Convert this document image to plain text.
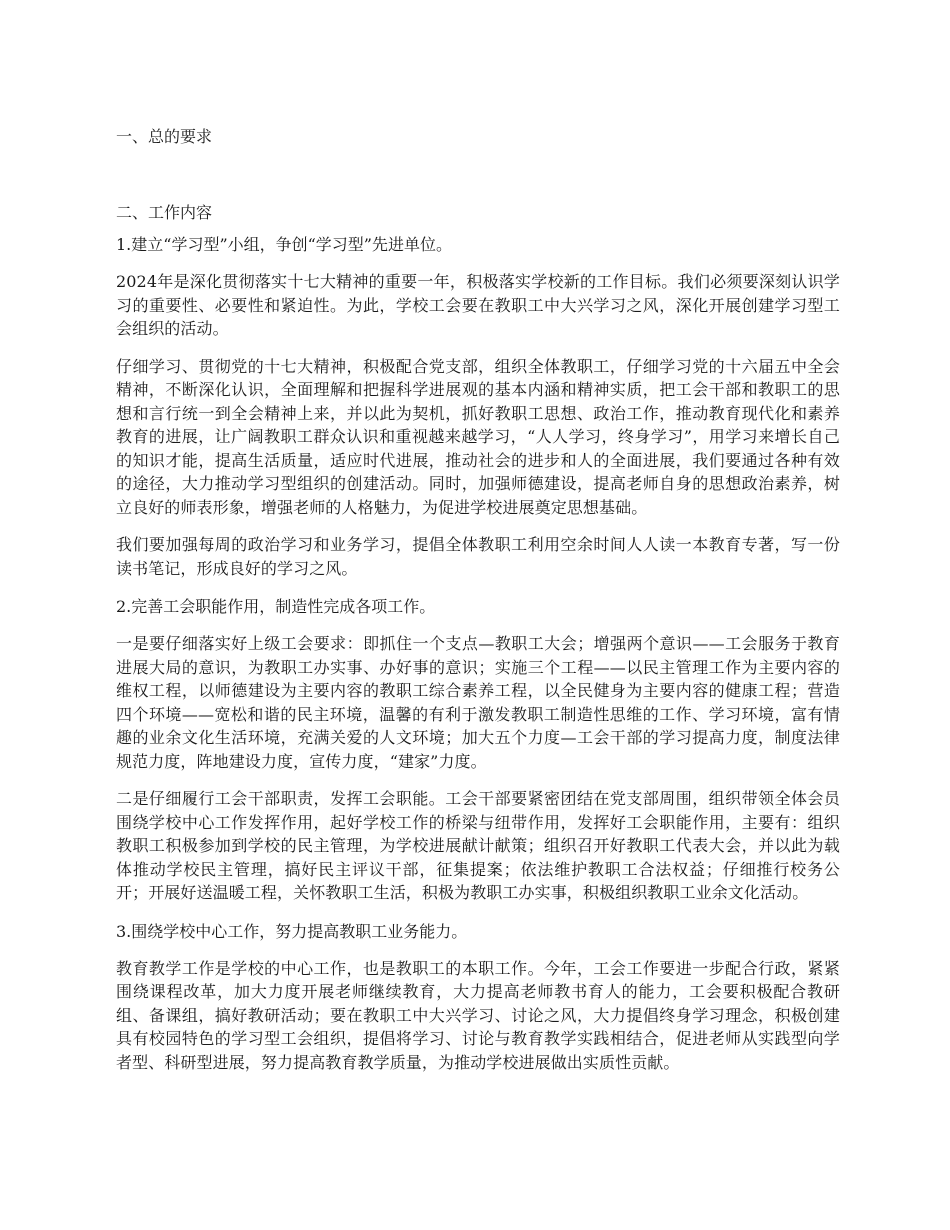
一、总的要求

二、工作内容

1.建立“学习型”小组，争创“学习型”先进单位。

2024年是深化贯彻落实十七大精神的重要一年，积极落实学校新的工作目标。我们必须要深刻认识学习的重要性、必要性和紧迫性。为此，学校工会要在教职工中大兴学习之风，深化开展创建学习型工会组织的活动。

仔细学习、贯彻党的十七大精神，积极配合党支部，组织全体教职工，仔细学习党的十六届五中全会精神，不断深化认识，全面理解和把握科学进展观的基本内涵和精神实质，把工会干部和教职工的思想和言行统一到全会精神上来，并以此为契机，抓好教职工思想、政治工作，推动教育现代化和素养教育的进展，让广阔教职工群众认识和重视越来越学习，“人人学习，终身学习”，用学习来增长自己的知识才能，提高生活质量，适应时代进展，推动社会的进步和人的全面进展，我们要通过各种有效的途径，大力推动学习型组织的创建活动。同时，加强师德建设，提高老师自身的思想政治素养，树立良好的师表形象，增强老师的人格魅力，为促进学校进展奠定思想基础。

我们要加强每周的政治学习和业务学习，提倡全体教职工利用空余时间人人读一本教育专著，写一份读书笔记，形成良好的学习之风。

2.完善工会职能作用，制造性完成各项工作。

一是要仔细落实好上级工会要求：即抓住一个支点—教职工大会；增强两个意识——工会服务于教育进展大局的意识，为教职工办实事、办好事的意识；实施三个工程——以民主管理工作为主要内容的维权工程，以师德建设为主要内容的教职工综合素养工程，以全民健身为主要内容的健康工程；营造四个环境——宽松和谐的民主环境，温馨的有利于激发教职工制造性思维的工作、学习环境，富有情趣的业余文化生活环境，充满关爱的人文环境；加大五个力度—工会干部的学习提高力度，制度法律规范力度，阵地建设力度，宣传力度，“建家”力度。

二是仔细履行工会干部职责，发挥工会职能。工会干部要紧密团结在党支部周围，组织带领全体会员围绕学校中心工作发挥作用，起好学校工作的桥梁与纽带作用，发挥好工会职能作用，主要有：组织教职工积极参加到学校的民主管理，为学校进展献计献策；组织召开好教职工代表大会，并以此为载体推动学校民主管理，搞好民主评议干部，征集提案；依法维护教职工合法权益；仔细推行校务公开；开展好送温暖工程，关怀教职工生活，积极为教职工办实事，积极组织教职工业余文化活动。

3.围绕学校中心工作，努力提高教职工业务能力。

教育教学工作是学校的中心工作，也是教职工的本职工作。今年，工会工作要进一步配合行政，紧紧围绕课程改革，加大力度开展老师继续教育，大力提高老师教书育人的能力，工会要积极配合教研组、备课组，搞好教研活动；要在教职工中大兴学习、讨论之风，大力提倡终身学习理念，积极创建具有校园特色的学习型工会组织，提倡将学习、讨论与教育教学实践相结合，促进老师从实践型向学者型、科研型进展，努力提高教育教学质量，为推动学校进展做出实质性贡献。
